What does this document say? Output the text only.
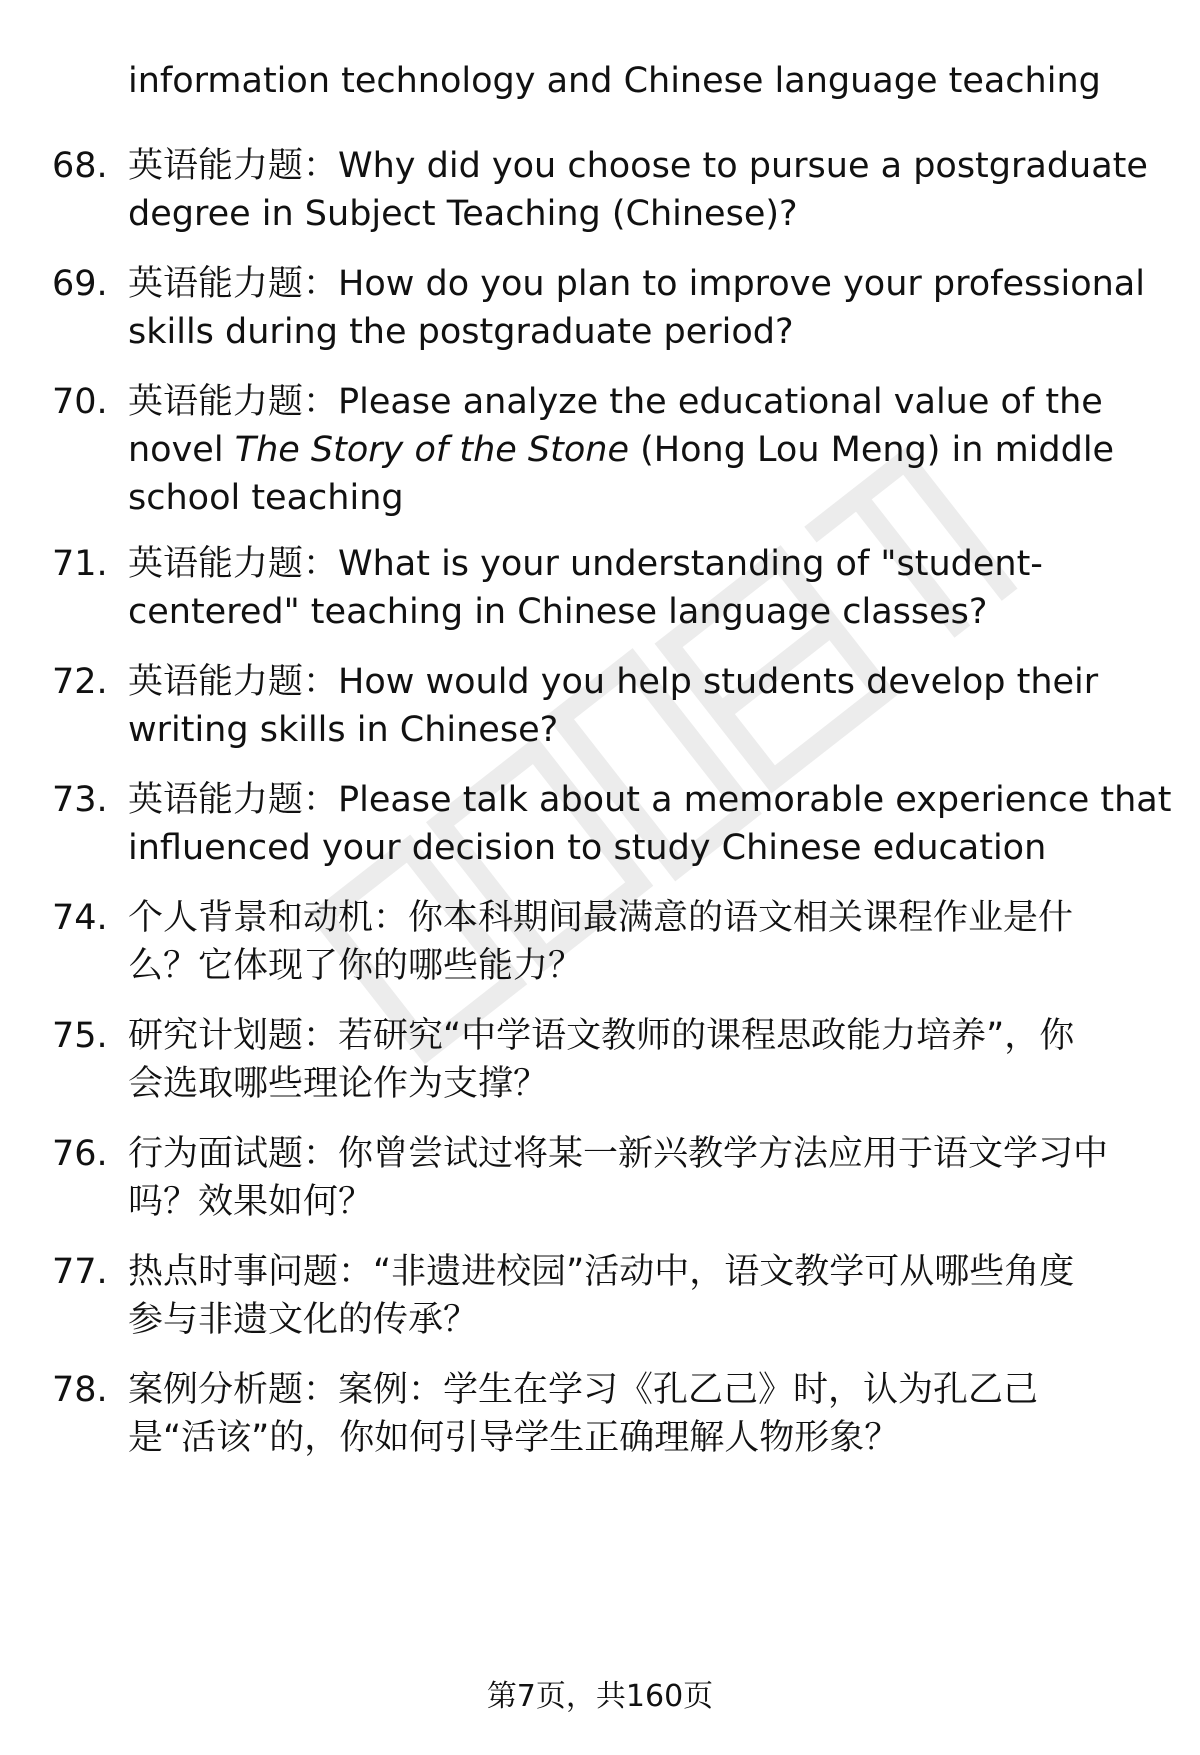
information technology and Chinese language teaching
68. 英语能力题：Why did you choose to pursue a postgraduate
degree in Subject Teaching (Chinese)?
69. 英语能力题：How do you plan to improve your professional
skills during the postgraduate period?
70. 英语能力题：Please analyze the educational value of the
novel The Story of the Stone (Hong Lou Meng) in middle
school teaching
71. 英语能力题：What is your understanding of "student-
centered" teaching in Chinese language classes?
72. 英语能力题：How would you help students develop their
writing skills in Chinese?
73. 英语能力题：Please talk about a memorable experience that
influenced your decision to study Chinese education
74. 个人背景和动机：你本科期间最满意的语文相关课程作业是什
么？它体现了你的哪些能力？
75. 研究计划题：若研究“中学语文教师的课程思政能力培养”，你
会选取哪些理论作为支撑？
76. 行为面试题：你曾尝试过将某一新兴教学方法应用于语文学习中
吗？效果如何？
77. 热点时事问题：“非遗进校园”活动中，语文教学可从哪些角度
参与非遗文化的传承？
78. 案例分析题：案例：学生在学习《孔乙己》时，认为孔乙己
是“活该”的，你如何引导学生正确理解人物形象？
第7页，共160页
